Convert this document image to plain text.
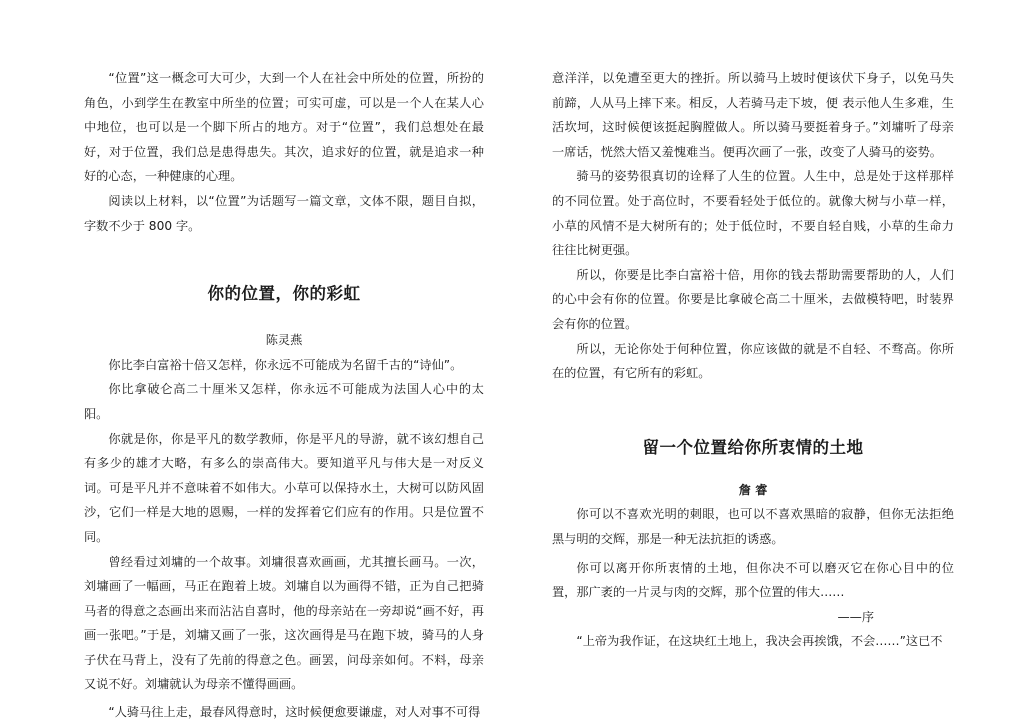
“位置”这一概念可大可少，大到一个人在社会中所处的位置，所扮的角色，小到学生在教室中所坐的位置；可实可虚，可以是一个人在某人心中地位，也可以是一个脚下所占的地方。对于“位置”，我们总想处在最好，对于位置，我们总是患得患失。其次，追求好的位置，就是追求一种好的心态，一种健康的心理。

阅读以上材料，以“位置”为话题写一篇文章，文体不限，题目自拟，字数不少于 800 字。

你的位置，你的彩虹
陈灵燕

你比李白富裕十倍又怎样，你永远不可能成为名留千古的“诗仙”。

你比拿破仑高二十厘米又怎样，你永远不可能成为法国人心中的太阳。

你就是你，你是平凡的数学教师，你是平凡的导游，就不该幻想自己有多少的雄才大略，有多么的崇高伟大。要知道平凡与伟大是一对反义词。可是平凡并不意味着不如伟大。小草可以保持水土，大树可以防风固沙，它们一样是大地的恩赐，一样的发挥着它们应有的作用。只是位置不同。

曾经看过刘墉的一个故事。刘墉很喜欢画画，尤其擅长画马。一次，刘墉画了一幅画，马正在跑着上坡。刘墉自以为画得不错，正为自己把骑马者的得意之态画出来而沾沾自喜时，他的母亲站在一旁却说“画不好，再画一张吧。”于是，刘墉又画了一张，这次画得是马在跑下坡，骑马的人身子伏在马背上，没有了先前的得意之色。画罢，问母亲如何。不料，母亲又说不好。刘墉就认为母亲不懂得画画。

“人骑马往上走，最春风得意时，这时候便愈要谦虚，对人对事不可得

意洋洋，以免遭至更大的挫折。所以骑马上坡时便该伏下身子，以免马失前蹄，人从马上摔下来。相反，人若骑马走下坡，便 表示他人生多难，生活坎坷，这时候便该挺起胸膛做人。所以骑马要挺着身子。”刘墉听了母亲一席话，恍然大悟又羞愧难当。便再次画了一张，改变了人骑马的姿势。

骑马的姿势很真切的诠释了人生的位置。人生中，总是处于这样那样的不同位置。处于高位时，不要看轻处于低位的。就像大树与小草一样，小草的风情不是大树所有的；处于低位时，不要自轻自贱，小草的生命力往往比树更强。

所以，你要是比李白富裕十倍，用你的钱去帮助需要帮助的人，人们的心中会有你的位置。你要是比拿破仑高二十厘米，去做模特吧，时装界会有你的位置。

所以，无论你处于何种位置，你应该做的就是不自轻、不骛高。你所在的位置，有它所有的彩虹。

留一个位置给你所衷情的土地
詹 睿

你可以不喜欢光明的刺眼，也可以不喜欢黑暗的寂静，但你无法拒绝黑与明的交辉，那是一种无法抗拒的诱惑。

你可以离开你所衷情的土地，但你决不可以磨灭它在你心目中的位置，那广袤的一片灵与肉的交辉，那个位置的伟大……

——序

“上帝为我作证，在这块红土地上，我决会再挨饿，不会……”这已不
